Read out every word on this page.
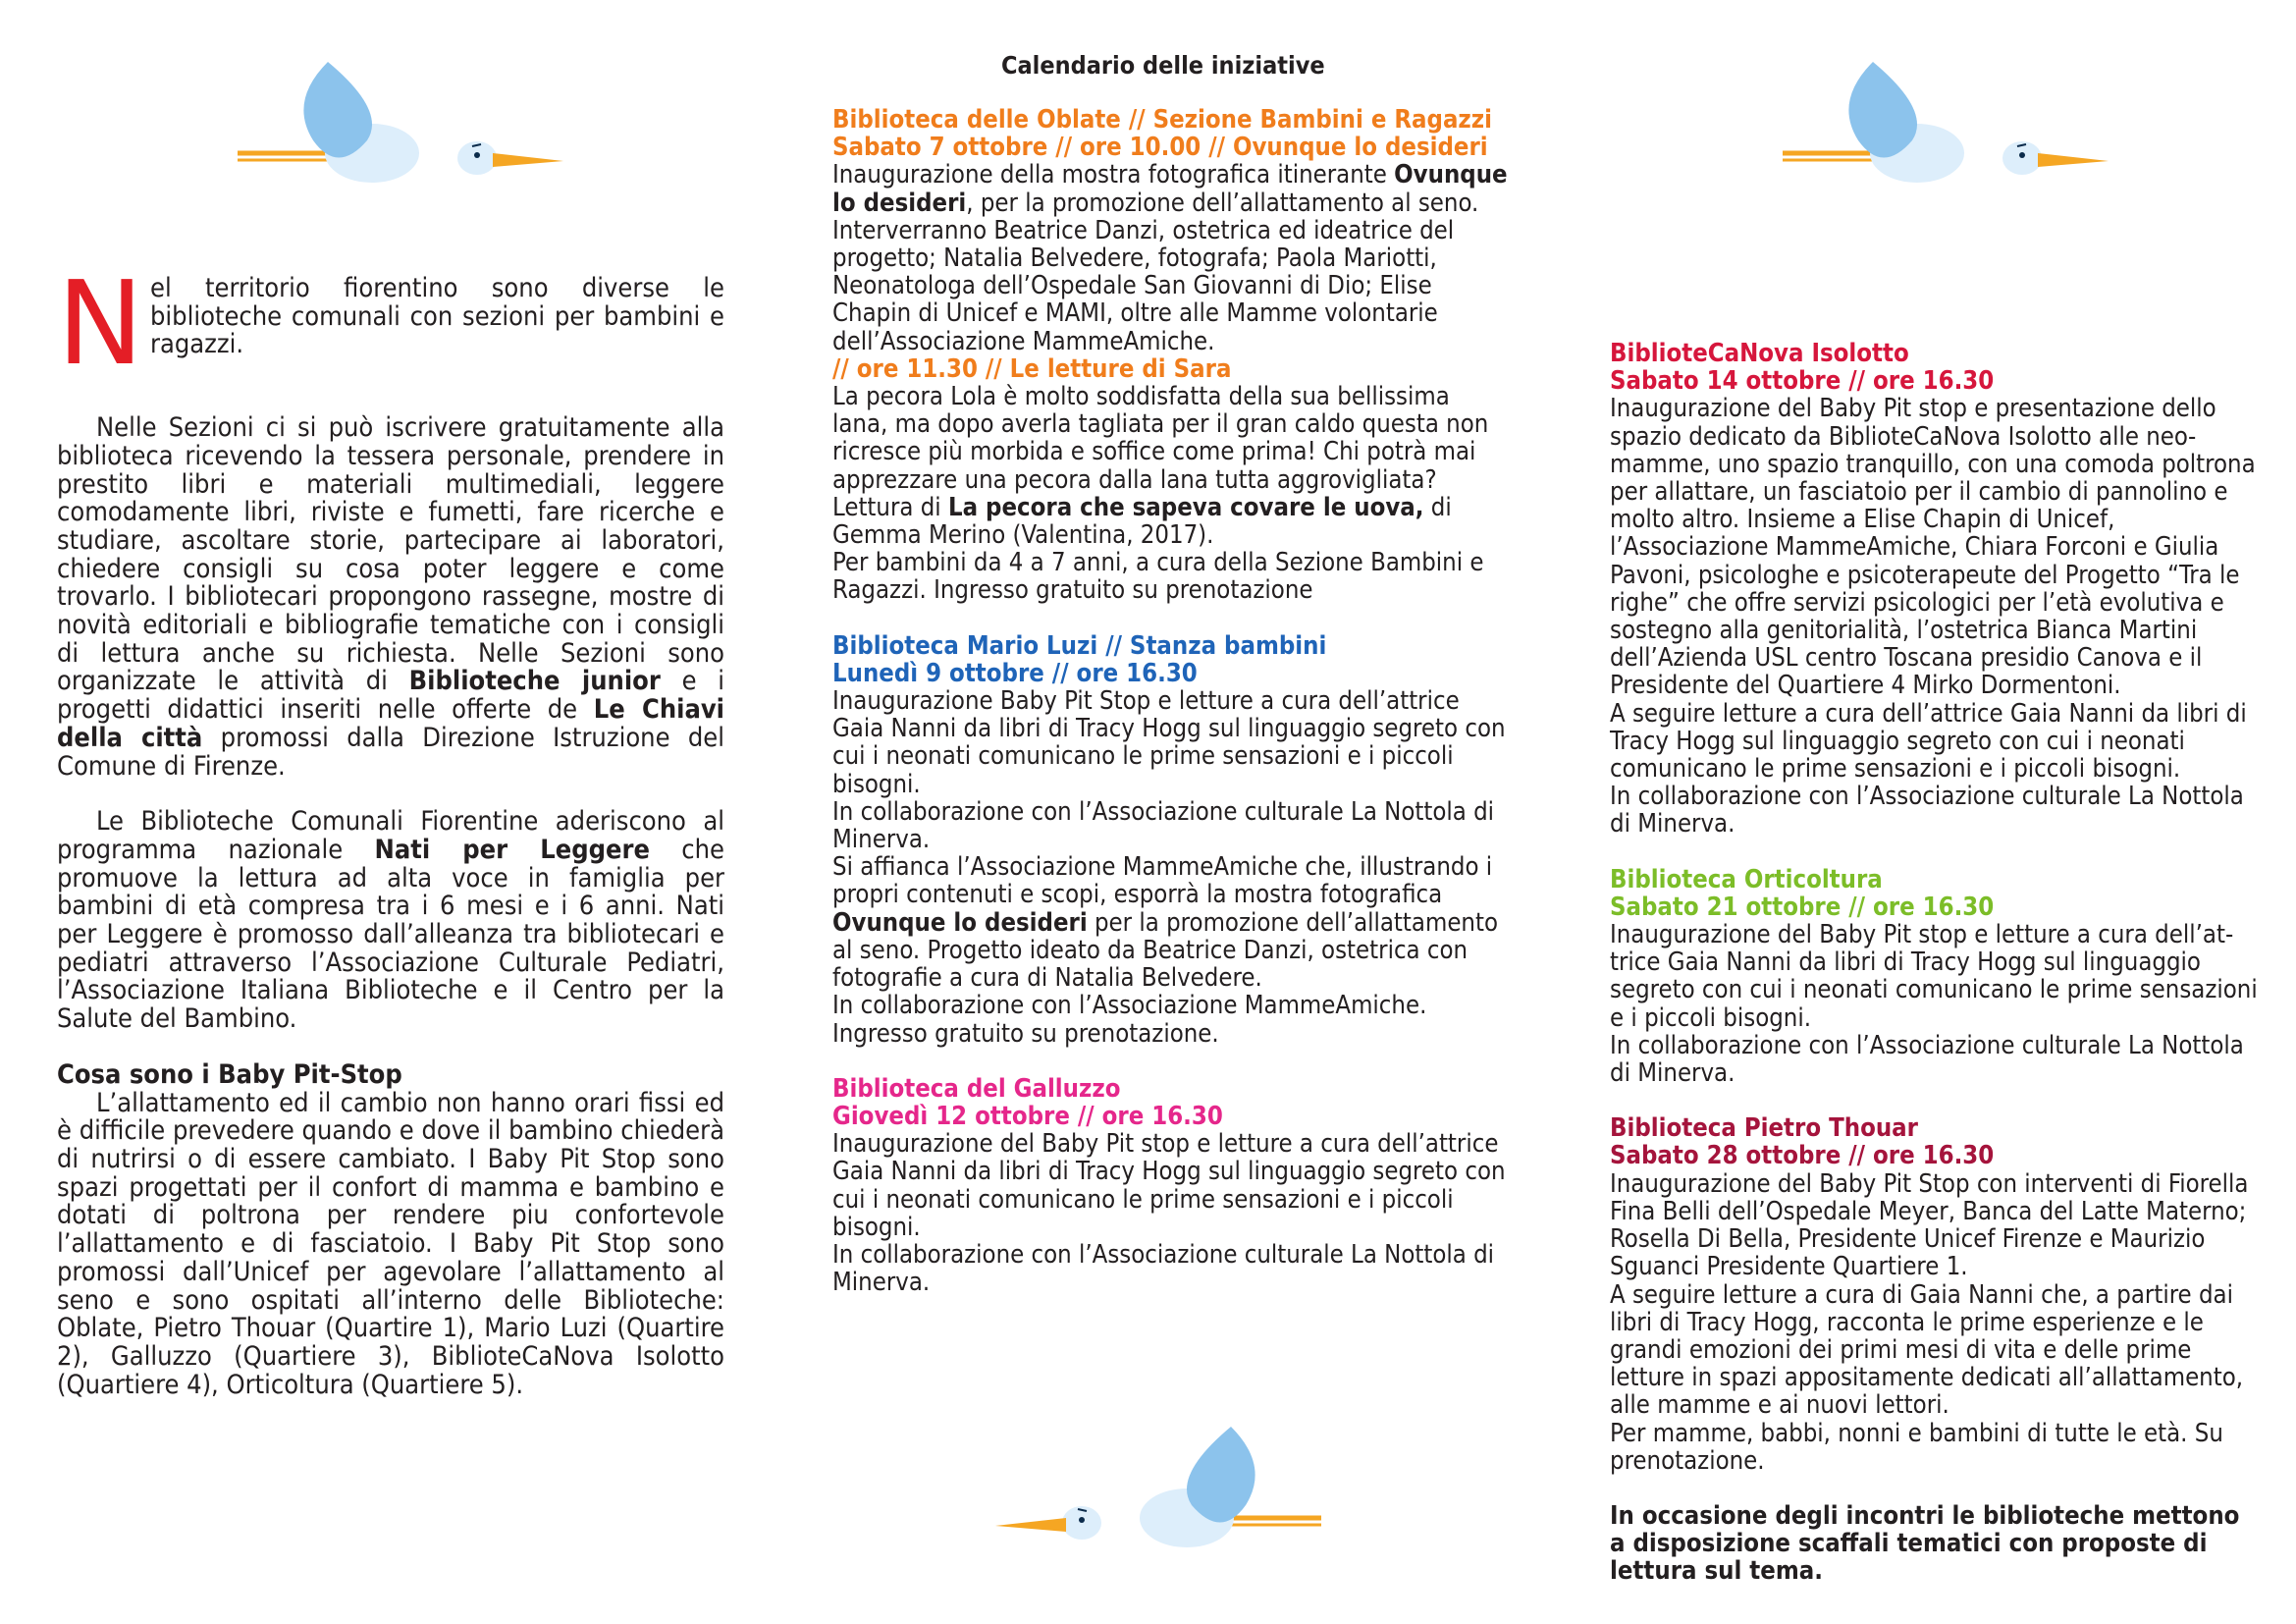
Calendario delle iniziative
N el territorio fiorentino sono diverse le biblioteche comunali con sezioni per bambini e ragazzi.

Nelle Sezioni ci si può iscrivere gratuitamente alla biblioteca ricevendo la tessera personale, prendere in prestito libri e materiali multimediali, leggere comodamente libri, riviste e fumetti, fare ricerche e studiare, ascoltare storie, partecipare ai laboratori, chiedere consigli su cosa poter leggere e come trovarlo. I bibliotecari propongono rassegne, mostre di novità editoriali e bibliografie tematiche con i consigli di lettura anche su richiesta. Nelle Sezioni sono organizzate le attività di Biblioteche junior e i progetti didattici inseriti nelle offerte de Le Chiavi della città promossi dalla Direzione Istruzione del Comune di Firenze.

Le Biblioteche Comunali Fiorentine aderiscono al programma nazionale Nati per Leggere che promuove la lettura ad alta voce in famiglia per bambini di età compresa tra i 6 mesi e i 6 anni. Nati per Leggere è promosso dall’alleanza tra bibliotecari e pediatri attraverso l’Associazione Culturale Pediatri, l’Associazione Italiana Biblioteche e il Centro per la Salute del Bambino.

Cosa sono i Baby Pit-Stop

L’allattamento ed il cambio non hanno orari fissi ed è difficile prevedere quando e dove il bambino chiederà di nutrirsi o di essere cambiato. I Baby Pit Stop sono spazi progettati per il confort di mamma e bambino e dotati di poltrona per rendere piu confortevole l’allattamento e di fasciatoio. I Baby Pit Stop sono promossi dall’Unicef per agevolare l’allattamento al seno e sono ospitati all’interno delle Biblioteche: Oblate, Pietro Thouar (Quartire 1), Mario Luzi (Quartire 2), Galluzzo (Quartiere 3), BiblioteCaNova Isolotto (Quartiere 4), Orticoltura (Quartiere 5).

Biblioteca delle Oblate // Sezione Bambini e Ragazzi

Sabato 7 ottobre // ore 10.00 // Ovunque lo desideri

Inaugurazione della mostra fotografica itinerante Ovunque lo desideri, per la promozione dell’allattamento al seno.

Interverranno Beatrice Danzi, ostetrica ed ideatrice del progetto; Natalia Belvedere, fotografa; Paola Mariotti, Neonatologa dell’Ospedale San Giovanni di Dio; Elise Chapin di Unicef e MAMI, oltre alle Mamme volontarie dell’Associazione MammeAmiche.

// ore 11.30 // Le letture di Sara

La pecora Lola è molto soddisfatta della sua bellissima lana, ma dopo averla tagliata per il gran caldo questa non ricresce più morbida e soffice come prima! Chi potrà mai apprezzare una pecora dalla lana tutta aggrovigliata? Lettura di La pecora che sapeva covare le uova, di Gemma Merino (Valentina, 2017).

Per bambini da 4 a 7 anni, a cura della Sezione Bambini e Ragazzi. Ingresso gratuito su prenotazione

Biblioteca Mario Luzi // Stanza bambini

Lunedì 9 ottobre // ore 16.30

Inaugurazione Baby Pit Stop e letture a cura dell’attrice Gaia Nanni da libri di Tracy Hogg sul linguaggio segreto con cui i neonati comunicano le prime sensazioni e i piccoli bisogni.

In collaborazione con l’Associazione culturale La Nottola di Minerva.

Si affianca l’Associazione MammeAmiche che, illustrando i propri contenuti e scopi, esporrà la mostra fotografica Ovunque lo desideri per la promozione dell’allattamento al seno. Progetto ideato da Beatrice Danzi, ostetrica con fotografie a cura di Natalia Belvedere.

In collaborazione con l’Associazione MammeAmiche. Ingresso gratuito su prenotazione.

Biblioteca del Galluzzo

Giovedì 12 ottobre // ore 16.30

Inaugurazione del Baby Pit stop e letture a cura dell’attrice Gaia Nanni da libri di Tracy Hogg sul linguaggio segreto con cui i neonati comunicano le prime sensazioni e i piccoli bisogni.

In collaborazione con l’Associazione culturale La Nottola di Minerva.

BiblioteCaNova Isolotto

Sabato 14 ottobre // ore 16.30

Inaugurazione del Baby Pit stop e presentazione dello spazio dedicato da BiblioteCaNova Isolotto alle neomamme, uno spazio tranquillo, con una comoda poltrona per allattare, un fasciatoio per il cambio di pannolino e molto altro. Insieme a Elise Chapin di Unicef, l’Associazione MammeAmiche, Chiara Forconi e Giulia Pavoni, psicologhe e psicoterapeute del Progetto “Tra le righe” che offre servizi psicologici per l’età evolutiva e sostegno alla genitorialità, l’ostetrica Bianca Martini dell’Azienda USL centro Toscana presidio Canova e il Presidente del Quartiere 4 Mirko Dormentoni.

A seguire letture a cura dell’attrice Gaia Nanni da libri di Tracy Hogg sul linguaggio segreto con cui i neonati comunicano le prime sensazioni e i piccoli bisogni.

In collaborazione con l’Associazione culturale La Nottola di Minerva.

Biblioteca Orticoltura

Sabato 21 ottobre // ore 16.30

Inaugurazione del Baby Pit stop e letture a cura dell’attrice Gaia Nanni da libri di Tracy Hogg sul linguaggio segreto con cui i neonati comunicano le prime sensazioni e i piccoli bisogni.

In collaborazione con l’Associazione culturale La Nottola di Minerva.

Biblioteca Pietro Thouar

Sabato 28 ottobre // ore 16.30

Inaugurazione del Baby Pit Stop con interventi di Fiorella Fina Belli dell’Ospedale Meyer, Banca del Latte Materno; Rosella Di Bella, Presidente Unicef Firenze e Maurizio Sguanci Presidente Quartiere 1.

A seguire letture a cura di Gaia Nanni che, a partire dai libri di Tracy Hogg, racconta le prime esperienze e le grandi emozioni dei primi mesi di vita e delle prime letture in spazi appositamente dedicati all’allattamento, alle mamme e ai nuovi lettori.

Per mamme, babbi, nonni e bambini di tutte le età. Su prenotazione.

In occasione degli incontri le biblioteche mettono a disposizione scaffali tematici con proposte di lettura sul tema.
